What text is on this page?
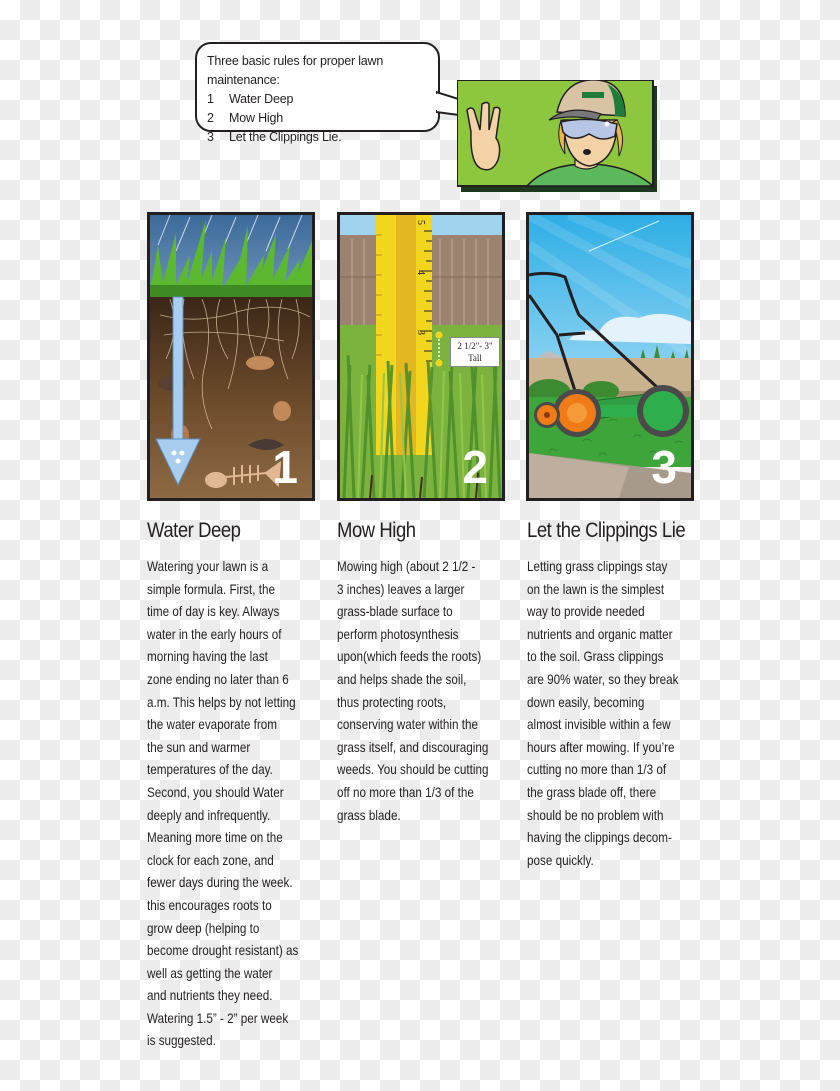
Three basic rules for proper lawn maintenance:
1	Water Deep
2	Mow High
3	Let the Clippings Lie.
1
5
4
3
2 1/2"- 3"
Tall
2	3
Water Deep

Watering your lawn is a
simple formula. First, the
time of day is key. Always
water in the early hours of
morning having the last
zone ending no later than 6
a.m. This helps by not letting
the water evaporate from
the sun and warmer
temperatures of the day.
Second, you should Water
deeply and infrequently.
Meaning more time on the
clock for each zone, and
fewer days during the week.
this encourages roots to
grow deep (helping to
become drought resistant) as
well as getting the water
and nutrients they need.
Watering 1.5” - 2” per week
is suggested.

Mow High

Mowing high (about 2 1/2 -
3 inches) leaves a larger
grass-blade surface to
perform photosynthesis
upon(which feeds the roots)
and helps shade the soil,
thus protecting roots,
conserving water within the
grass itself, and discouraging
weeds. You should be cutting
off no more than 1/3 of the
grass blade.

Let the Clippings Lie

Letting grass clippings stay
on the lawn is the simplest
way to provide needed
nutrients and organic matter
to the soil. Grass clippings
are 90% water, so they break
down easily, becoming
almost invisible within a few
hours after mowing. If you’re
cutting no more than 1/3 of
the grass blade off, there
should be no problem with
having the clippings decom-
pose quickly.
